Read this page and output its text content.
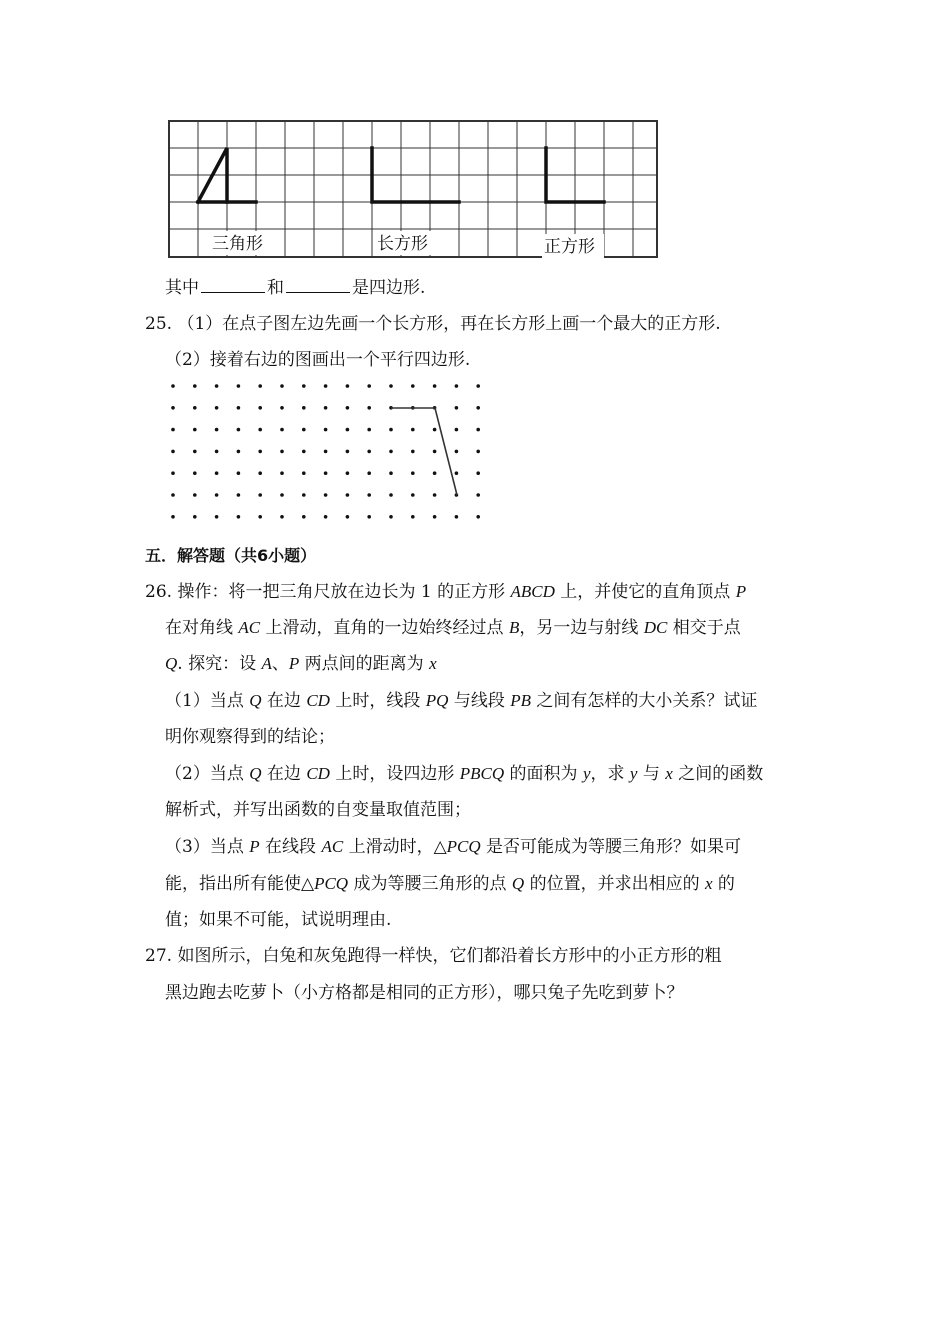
三角形	长方形	正方形
其中	和	是四边形.
25. （1）在点子图左边先画一个长方形，再在长方形上画一个最大的正方形.
（2）接着右边的图画出一个平行四边形.
五．解答题（共6小题）
26. 操作：将一把三角尺放在边长为 1 的正方形 ABCD 上，并使它的直角顶点 P
在对角线 AC 上滑动，直角的一边始终经过点 B，另一边与射线 DC 相交于点
Q. 探究：设 A、P 两点间的距离为 x
（1）当点 Q 在边 CD 上时，线段 PQ 与线段 PB 之间有怎样的大小关系？试证
明你观察得到的结论；
（2）当点 Q 在边 CD 上时，设四边形 PBCQ 的面积为 y，求 y 与 x 之间的函数
解析式，并写出函数的自变量取值范围；
（3）当点 P 在线段 AC 上滑动时，△PCQ 是否可能成为等腰三角形？如果可
能，指出所有能使△PCQ 成为等腰三角形的点 Q 的位置，并求出相应的 x 的
值；如果不可能，试说明理由.
27. 如图所示，白兔和灰兔跑得一样快，它们都沿着长方形中的小正方形的粗
黑边跑去吃萝卜（小方格都是相同的正方形），哪只兔子先吃到萝卜？
